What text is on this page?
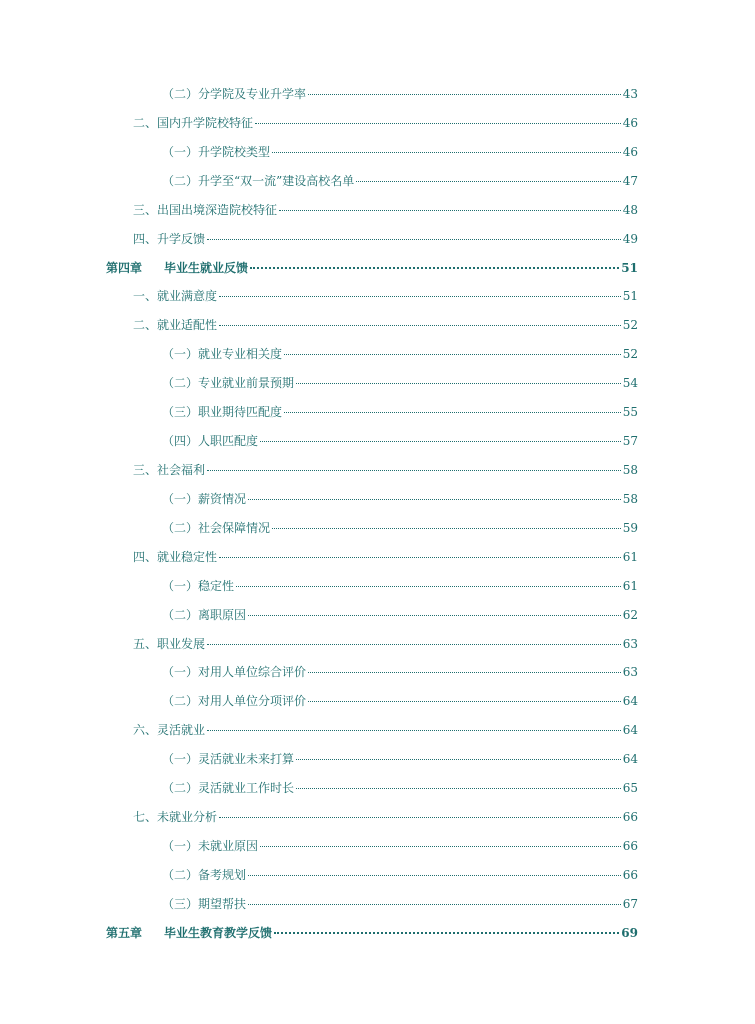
（二）分学院及专业升学率	43
二、国内升学院校特征	46
（一）升学院校类型	46
（二）升学至“双一流”建设高校名单	47
三、出国出境深造院校特征	48
四、升学反馈	49
第四章 毕业生就业反馈	51
一、就业满意度	51
二、就业适配性	52
（一）就业专业相关度	52
（二）专业就业前景预期	54
（三）职业期待匹配度	55
（四）人职匹配度	57
三、社会福利	58
（一）薪资情况	58
（二）社会保障情况	59
四、就业稳定性	61
（一）稳定性	61
（二）离职原因	62
五、职业发展	63
（一）对用人单位综合评价	63
（二）对用人单位分项评价	64
六、灵活就业	64
（一）灵活就业未来打算	64
（二）灵活就业工作时长	65
七、未就业分析	66
（一）未就业原因	66
（二）备考规划	66
（三）期望帮扶	67
第五章 毕业生教育教学反馈	69
